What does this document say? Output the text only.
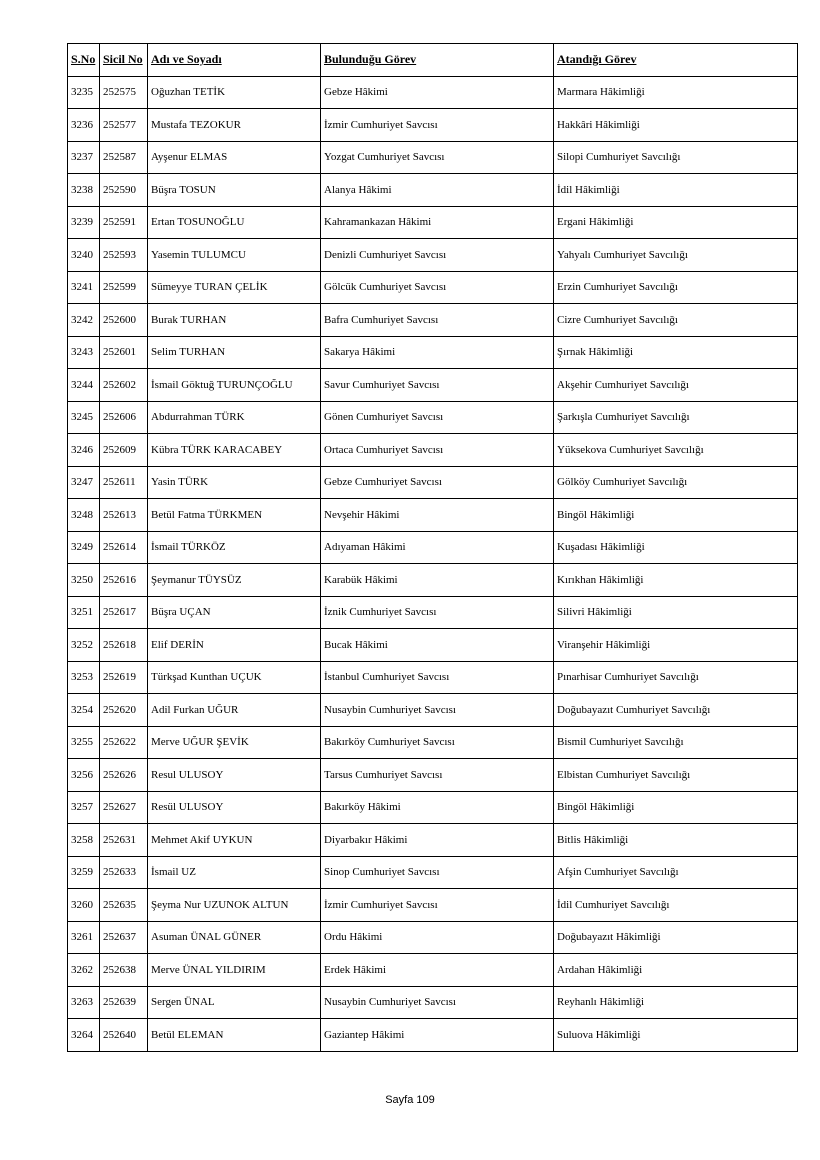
S.No	Sicil No	Adı ve Soyadı	Bulunduğu Görev	Atandığı Görev
3235	252575	Oğuzhan TETİK	Gebze Hâkimi	Marmara Hâkimliği
3236	252577	Mustafa TEZOKUR	İzmir Cumhuriyet Savcısı	Hakkâri Hâkimliği
3237	252587	Ayşenur ELMAS	Yozgat Cumhuriyet Savcısı	Silopi Cumhuriyet Savcılığı
3238	252590	Büşra TOSUN	Alanya Hâkimi	İdil Hâkimliği
3239	252591	Ertan TOSUNOĞLU	Kahramankazan Hâkimi	Ergani Hâkimliği
3240	252593	Yasemin TULUMCU	Denizli Cumhuriyet Savcısı	Yahyalı Cumhuriyet Savcılığı
3241	252599	Sümeyye TURAN ÇELİK	Gölcük Cumhuriyet Savcısı	Erzin Cumhuriyet Savcılığı
3242	252600	Burak TURHAN	Bafra Cumhuriyet Savcısı	Cizre Cumhuriyet Savcılığı
3243	252601	Selim TURHAN	Sakarya Hâkimi	Şırnak Hâkimliği
3244	252602	İsmail Göktuğ TURUNÇOĞLU	Savur Cumhuriyet Savcısı	Akşehir Cumhuriyet Savcılığı
3245	252606	Abdurrahman TÜRK	Gönen Cumhuriyet Savcısı	Şarkışla Cumhuriyet Savcılığı
3246	252609	Kübra TÜRK KARACABEY	Ortaca Cumhuriyet Savcısı	Yüksekova Cumhuriyet Savcılığı
3247	252611	Yasin TÜRK	Gebze Cumhuriyet Savcısı	Gölköy Cumhuriyet Savcılığı
3248	252613	Betül Fatma TÜRKMEN	Nevşehir Hâkimi	Bingöl Hâkimliği
3249	252614	İsmail TÜRKÖZ	Adıyaman Hâkimi	Kuşadası Hâkimliği
3250	252616	Şeymanur TÜYSÜZ	Karabük Hâkimi	Kırıkhan Hâkimliği
3251	252617	Büşra UÇAN	İznik Cumhuriyet Savcısı	Silivri Hâkimliği
3252	252618	Elif DERİN	Bucak Hâkimi	Viranşehir Hâkimliği
3253	252619	Türkşad Kunthan UÇUK	İstanbul Cumhuriyet Savcısı	Pınarhisar Cumhuriyet Savcılığı
3254	252620	Adil Furkan UĞUR	Nusaybin Cumhuriyet Savcısı	Doğubayazıt Cumhuriyet Savcılığı
3255	252622	Merve UĞUR ŞEVİK	Bakırköy Cumhuriyet Savcısı	Bismil Cumhuriyet Savcılığı
3256	252626	Resul ULUSOY	Tarsus Cumhuriyet Savcısı	Elbistan Cumhuriyet Savcılığı
3257	252627	Resül ULUSOY	Bakırköy Hâkimi	Bingöl Hâkimliği
3258	252631	Mehmet Akif UYKUN	Diyarbakır Hâkimi	Bitlis Hâkimliği
3259	252633	İsmail UZ	Sinop Cumhuriyet Savcısı	Afşin Cumhuriyet Savcılığı
3260	252635	Şeyma Nur UZUNOK ALTUN	İzmir Cumhuriyet Savcısı	İdil Cumhuriyet Savcılığı
3261	252637	Asuman ÜNAL GÜNER	Ordu Hâkimi	Doğubayazıt Hâkimliği
3262	252638	Merve ÜNAL YILDIRIM	Erdek Hâkimi	Ardahan Hâkimliği
3263	252639	Sergen ÜNAL	Nusaybin Cumhuriyet Savcısı	Reyhanlı Hâkimliği
3264	252640	Betül ELEMAN	Gaziantep Hâkimi	Suluova Hâkimliği
Sayfa 109
